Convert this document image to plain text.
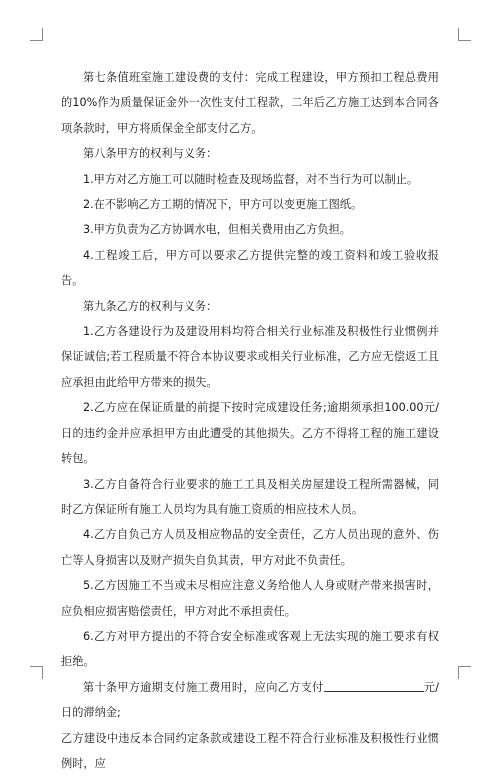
第七条值班室施工建设费的支付：完成工程建设，甲方预扣工程总费用的10%作为质量保证金外一次性支付工程款，二年后乙方施工达到本合同各项条款时，甲方将质保金全部支付乙方。

第八条甲方的权利与义务：

1.甲方对乙方施工可以随时检查及现场监督，对不当行为可以制止。

2.在不影响乙方工期的情况下，甲方可以变更施工图纸。

3.甲方负责为乙方协调水电，但相关费用由乙方负担。

4.工程竣工后，甲方可以要求乙方提供完整的竣工资料和竣工验收报告。

第九条乙方的权利与义务：

1.乙方各建设行为及建设用料均符合相关行业标准及积极性行业惯例并保证诚信;若工程质量不符合本协议要求或相关行业标准，乙方应无偿返工且应承担由此给甲方带来的损失。

2.乙方应在保证质量的前提下按时完成建设任务;逾期须承担100.00元/日的违约金并应承担甲方由此遭受的其他损失。乙方不得将工程的施工建设转包。

3.乙方自备符合行业要求的施工工具及相关房屋建设工程所需器械，同时乙方保证所有施工人员均为具有施工资质的相应技术人员。

4.乙方自负己方人员及相应物品的安全责任，乙方人员出现的意外、伤亡等人身损害以及财产损失自负其责，甲方对此不负责任。

5.乙方因施工不当或未尽相应注意义务给他人人身或财产带来损害时，应负相应损害赔偿责任，甲方对此不承担责任。

6.乙方对甲方提出的不符合安全标准或客观上无法实现的施工要求有权拒绝。

第十条甲方逾期支付施工费用时，应向乙方支付	元/日的滞纳金;

乙方建设中违反本合同约定条款或建设工程不符合行业标准及积极性行业惯例时，应
